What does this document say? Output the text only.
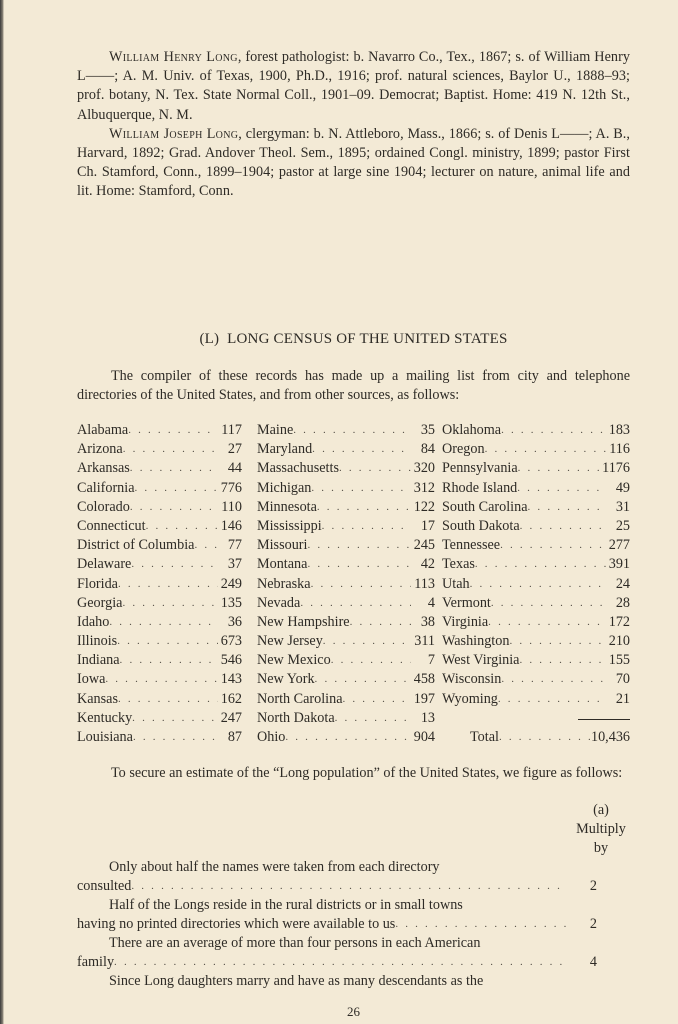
William Henry Long, forest pathologist: b. Navarro Co., Tex., 1867; s. of William Henry L——; A. M. Univ. of Texas, 1900, Ph.D., 1916; prof. natural sciences, Baylor U., 1888–93; prof. botany, N. Tex. State Normal Coll., 1901–09. Democrat; Baptist. Home: 419 N. 12th St., Albuquerque, N. M.

William Joseph Long, clergyman: b. N. Attleboro, Mass., 1866; s. of Denis L——; A. B., Harvard, 1892; Grad. Andover Theol. Sem., 1895; ordained Congl. ministry, 1899; pastor First Ch. Stamford, Conn., 1899–1904; pastor at large sine 1904; lecturer on nature, animal life and lit. Home: Stamford, Conn.

(L)  LONG CENSUS OF THE UNITED STATES

The compiler of these records has made up a mailing list from city and telephone directories of the United States, and from other sources, as follows:

Alabama . . .	117
Arizona . . .	27
Arkansas . . .	44
California . . .	776
Colorado . . .	110
Connecticut . . .	146
District of Columbia . . .	77
Delaware . . .	37
Florida . . .	249
Georgia . . .	135
Idaho . . .	36
Illinois . . .	673
Indiana . . .	546
Iowa . . .	143
Kansas . . .	162
Kentucky . . .	247
Louisiana . . .	87
Maine . . .	35
Maryland . . .	84
Massachusetts . . .	320
Michigan . . .	312
Minnesota . . .	122
Mississippi . . .	17
Missouri . . .	245
Montana . . .	42
Nebraska . . .	113
Nevada . . .	4
New Hampshire . . .	38
New Jersey . . .	311
New Mexico . . .	7
New York . . .	458
North Carolina . . .	197
North Dakota . . .	13
Ohio . . .	904
Oklahoma . . .	183
Oregon . . .	116
Pennsylvania . . .	1176
Rhode Island . . .	49
South Carolina . . .	31
South Dakota . . .	25
Tennessee . . .	277
Texas . . .	391
Utah . . .	24
Vermont . . .	28
Virginia . . .	172
Washington . . .	210
West Virginia . . .	155
Wisconsin . . .	70
Wyoming . . .	21
Total . . .	10,436

To secure an estimate of the “Long population” of the United States, we figure as follows:

(a)
Multiply
by
Only about half the names were taken from each directory
consulted . . .	2
Half of the Longs reside in the rural districts or in small towns
having no printed directories which were available to us . . .	2
There are an average of more than four persons in each American
family . . .	4
Since Long daughters marry and have as many descendants as the
26
